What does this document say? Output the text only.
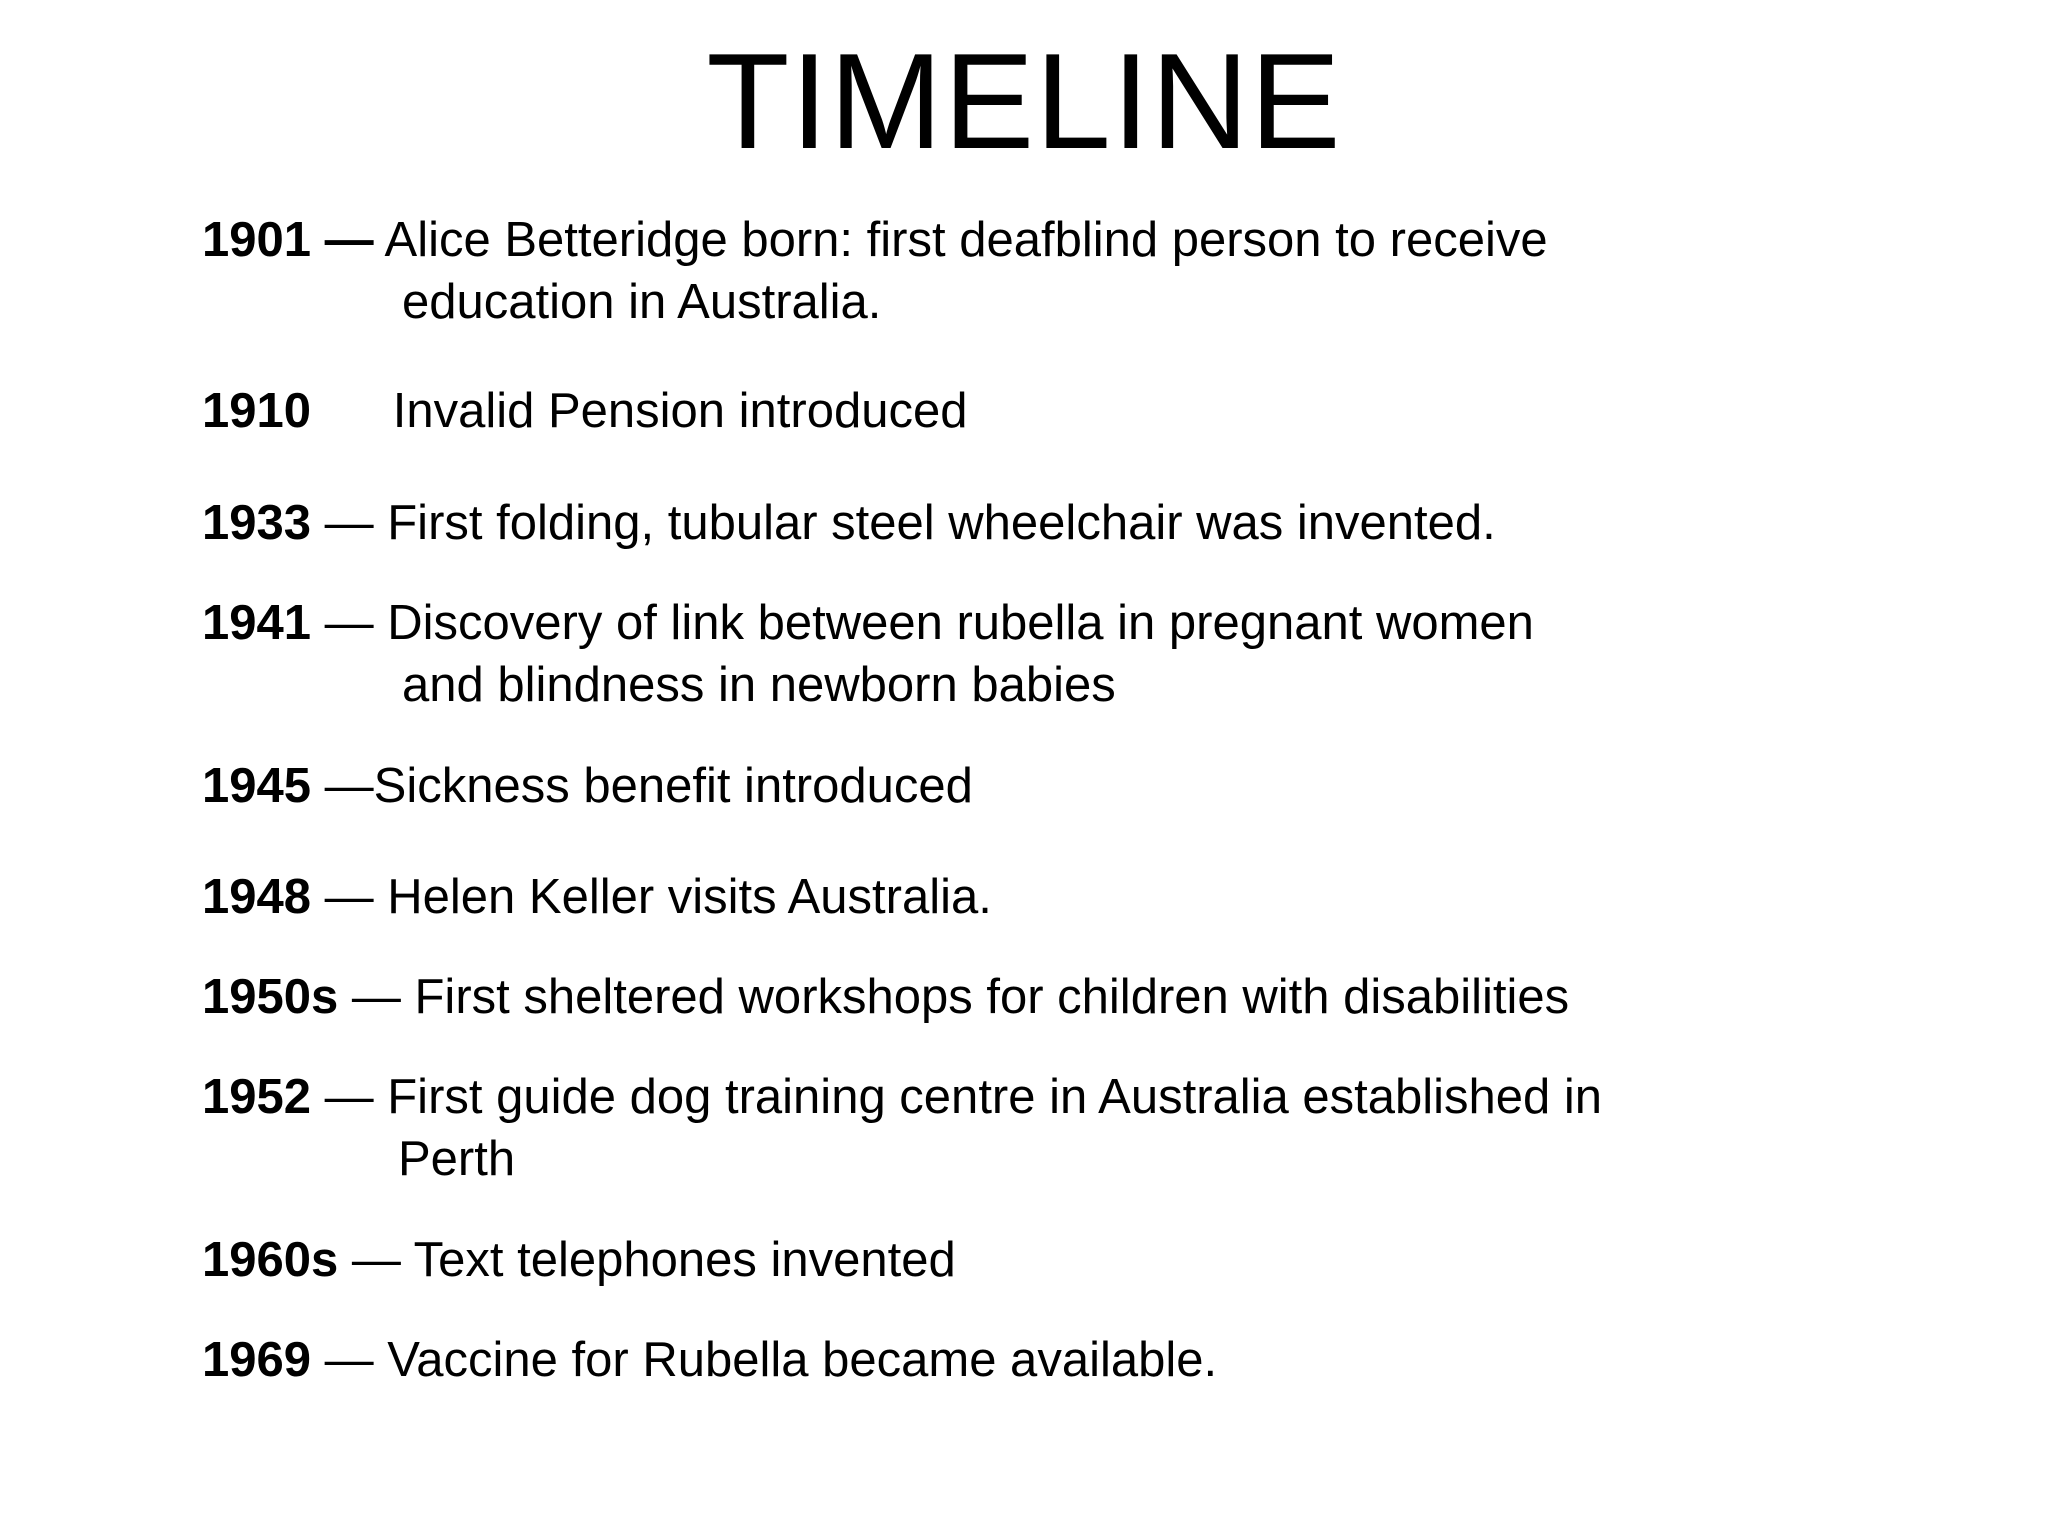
TIMELINE
1901 — Alice Betteridge born: first deafblind person to receive
education in Australia.
1910 Invalid Pension introduced
1933 — First folding, tubular steel wheelchair was invented.
1941 — Discovery of link between rubella in pregnant women
and blindness in newborn babies
1945 —Sickness benefit introduced
1948 — Helen Keller visits Australia.
1950s — First sheltered workshops for children with disabilities
1952 — First guide dog training centre in Australia established in
Perth
1960s — Text telephones invented
1969 — Vaccine for Rubella became available.
